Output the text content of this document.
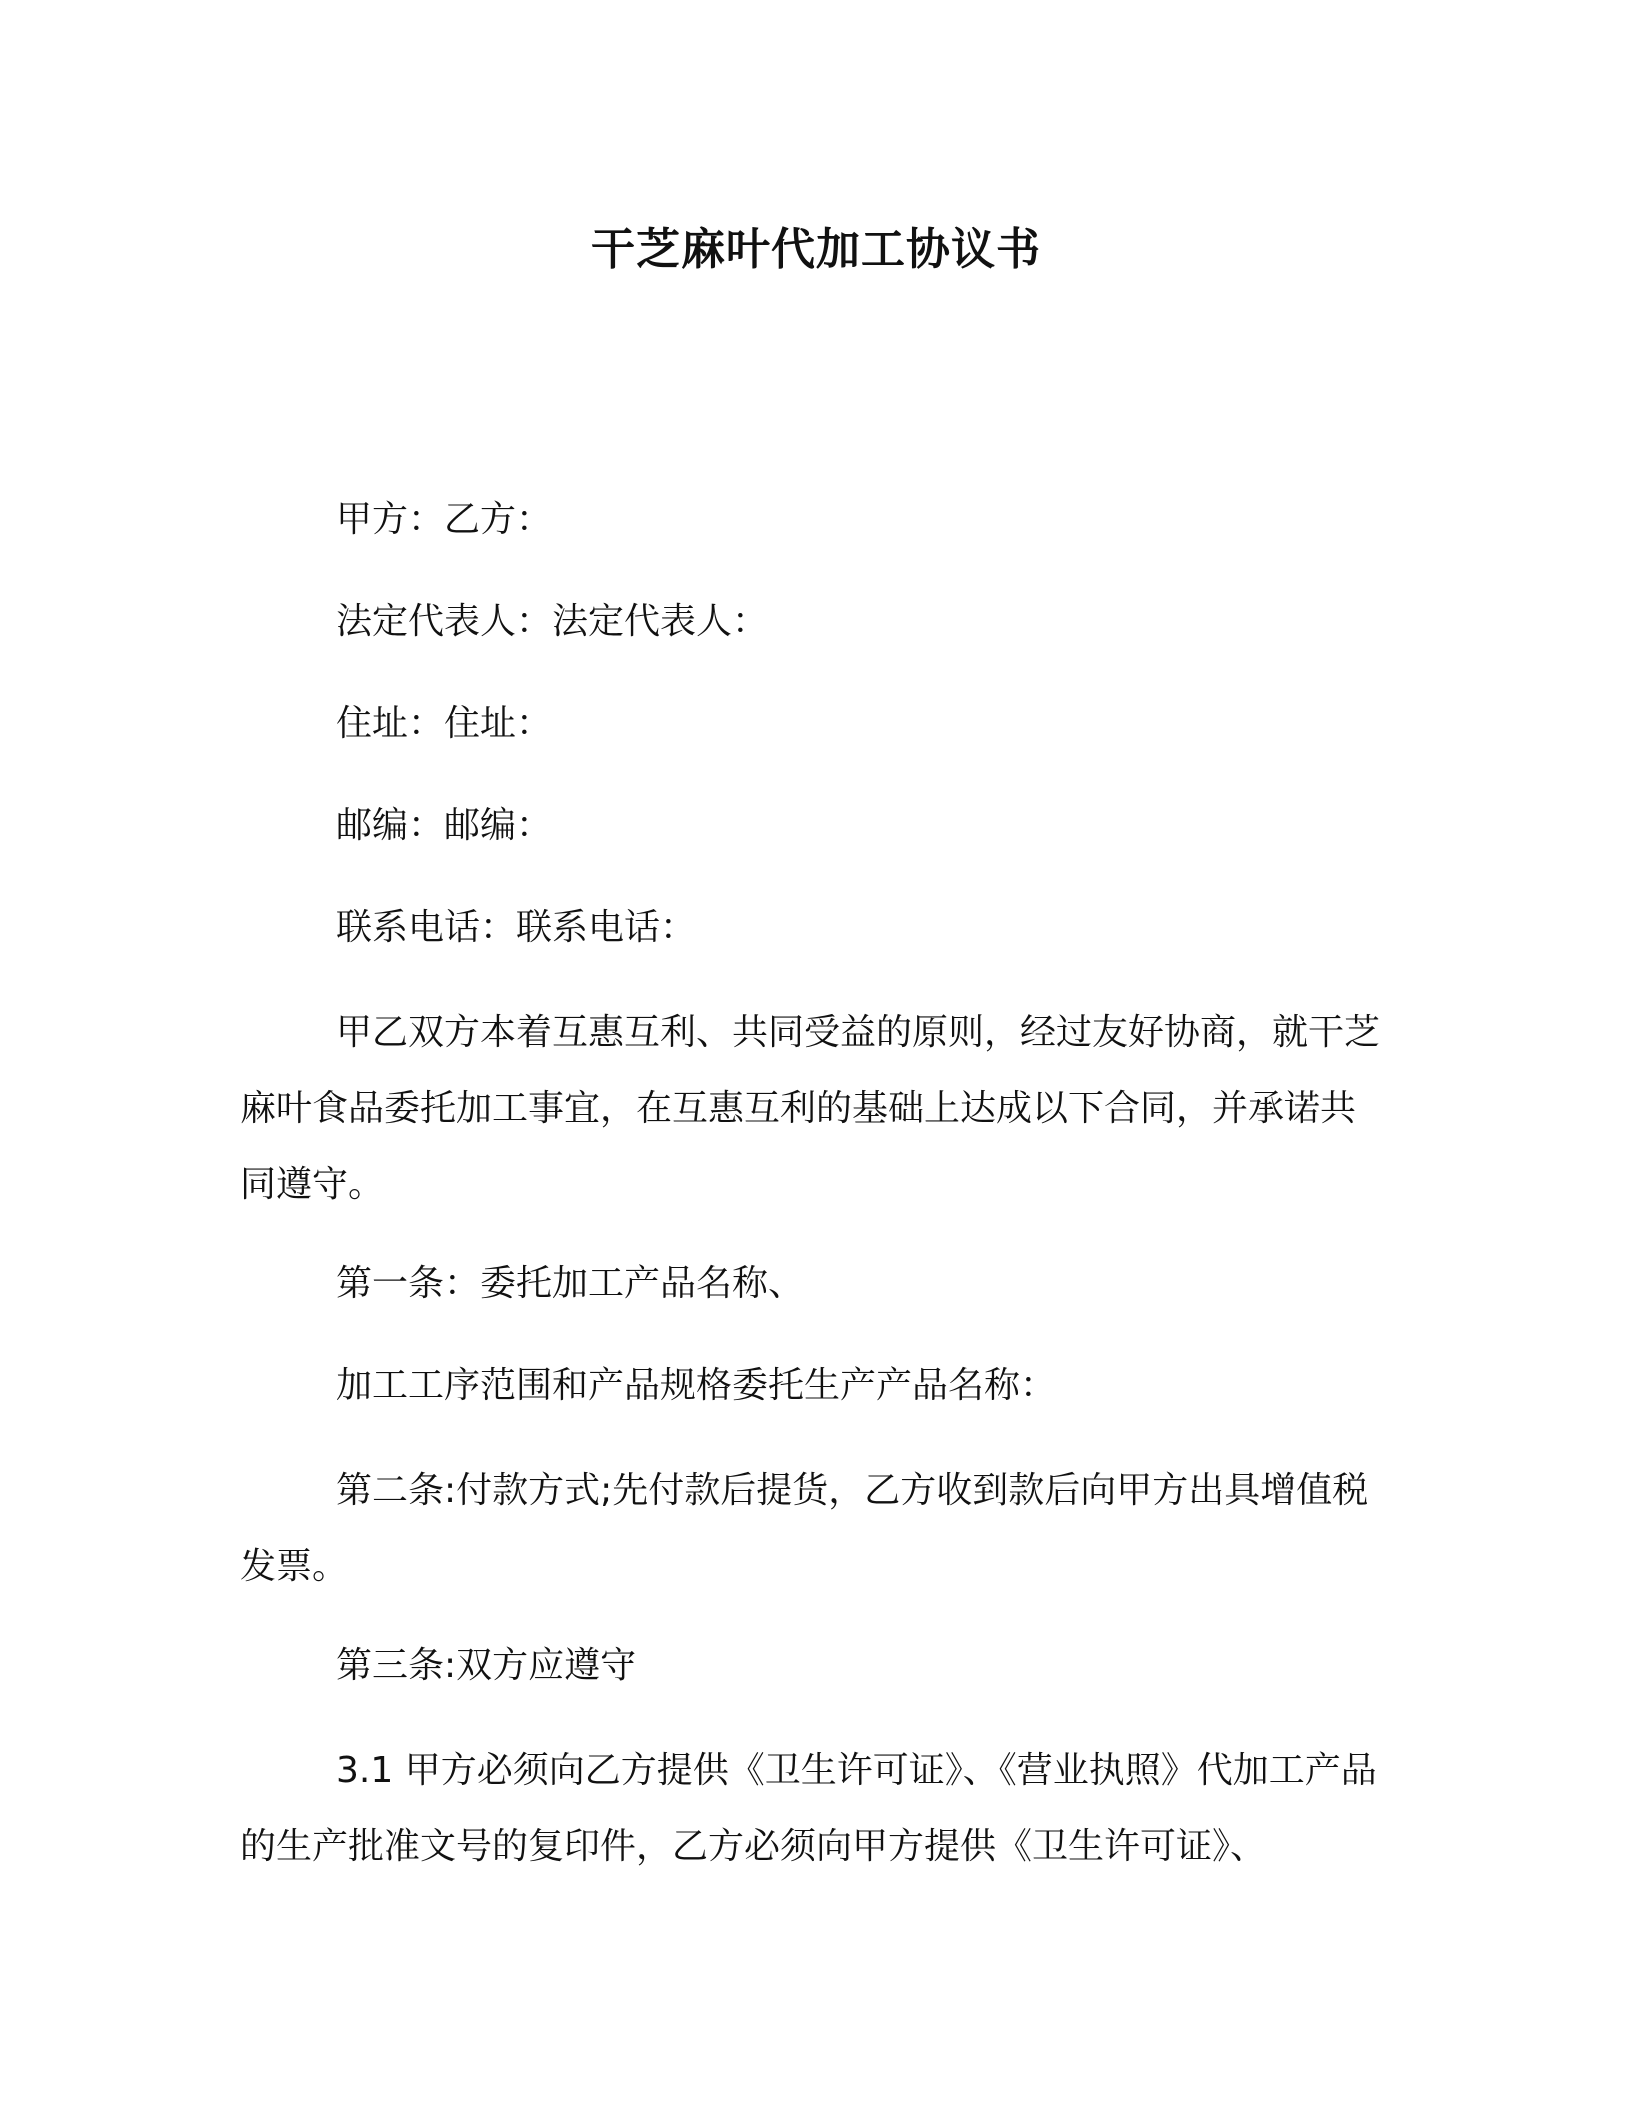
干芝麻叶代加工协议书
甲方：乙方：
法定代表人：法定代表人：
住址：住址：
邮编：邮编：
联系电话：联系电话：
甲乙双方本着互惠互利、共同受益的原则，经过友好协商，就干芝麻叶食品委托加工事宜，在互惠互利的基础上达成以下合同，并承诺共同遵守。
第一条：委托加工产品名称、
加工工序范围和产品规格委托生产产品名称：
第二条:付款方式;先付款后提货，乙方收到款后向甲方出具增值税发票。
第三条:双方应遵守
3.1 甲方必须向乙方提供《卫生许可证》、《营业执照》代加工产品的生产批准文号的复印件，乙方必须向甲方提供《卫生许可证》、
